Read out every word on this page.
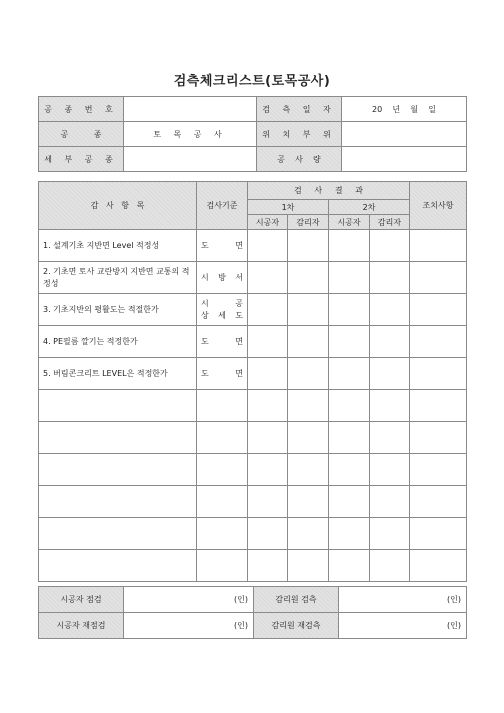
검측체크리스트(토목공사)
공 종 번 호		검 측 일 자	20    년    월    일
공          종	토 목 공 사	위 치 부 위	
세 부 공 종		공    사    량	
감   사   항   목	검사기준	검     사     결     과				조치사항
		1차		2차		
		시공자	감리자	시공자	감리자	
1. 설계기초 지반면 Level 적정성	도 면					

2. 기초면 토사 교란방지 지반면 교통의 적정성	시 방 서					

3. 기초지반의 평활도는 적절한가	시 공
상 세 도					

4. PE필름 깔기는 적정한가	도 면					

5. 버림콘크리트 LEVEL은 적정한가	도 면					

시공자 점검	(인)	감리원 검측	(인)
시공자 재점검	(인)	감리원 재검측	(인)
